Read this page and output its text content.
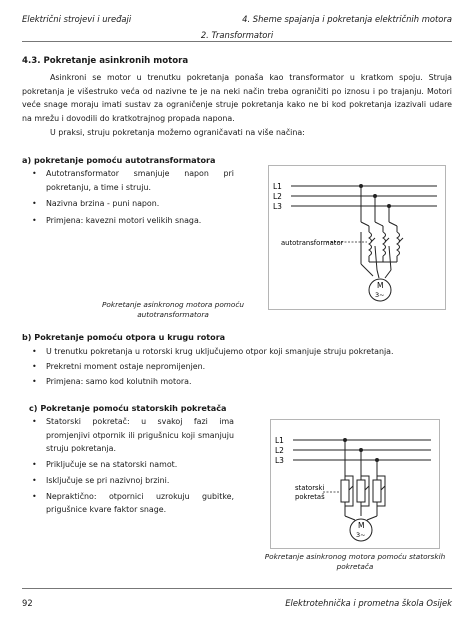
Električni strojevi i uređaji	4. Sheme spajanja i pokretanja električnih motora
2. Transformatori
4.3. Pokretanje asinkronih motora

Asinkroni se motor u trenutku pokretanja ponaša kao transformator u kratkom spoju. Struja pokretanja je višestruko veća od nazivne te je na neki način treba ograničiti po iznosu i po trajanju. Motori veće snage moraju imati sustav za ograničenje struje pokretanja kako ne bi kod pokretanja izazivali udare na mrežu i dovodili do kratkotrajnog propada napona.

U praksi, struju pokretanja možemo ograničavati na više načina:

a) pokretanje pomoću autotransformatora
• Autotransformator smanjuje napon pri pokretanju, a time i struju.
• Nazivna brzina - puni napon.
• Primjena: kavezni motori velikih snaga.
L1
L2
L3
autotransformator
M
3~
Pokretanje asinkronog motora pomoću autotransformatora
b) Pokretanje pomoću otpora u krugu rotora
• U trenutku pokretanja u rotorski krug uključujemo otpor koji smanjuje struju pokretanja.
• Prekretni moment ostaje nepromijenjen.
• Primjena: samo kod kolutnih motora.
c) Pokretanje pomoću statorskih pokretača
• Statorski pokretač: u svakoj fazi ima promjenjivi otpornik ili prigušnicu koji smanjuju struju pokretanja.
• Priključuje se na statorski namot.
• Isključuje se pri nazivnoj brzini.
• Nepraktično: otpornici uzrokuju gubitke, prigušnice kvare faktor snage.
L1
L2
L3
statorski
pokretaš
M
3~
Pokretanje asinkronog motora pomoću statorskih pokretača
92	Elektrotehnička i prometna škola Osijek
